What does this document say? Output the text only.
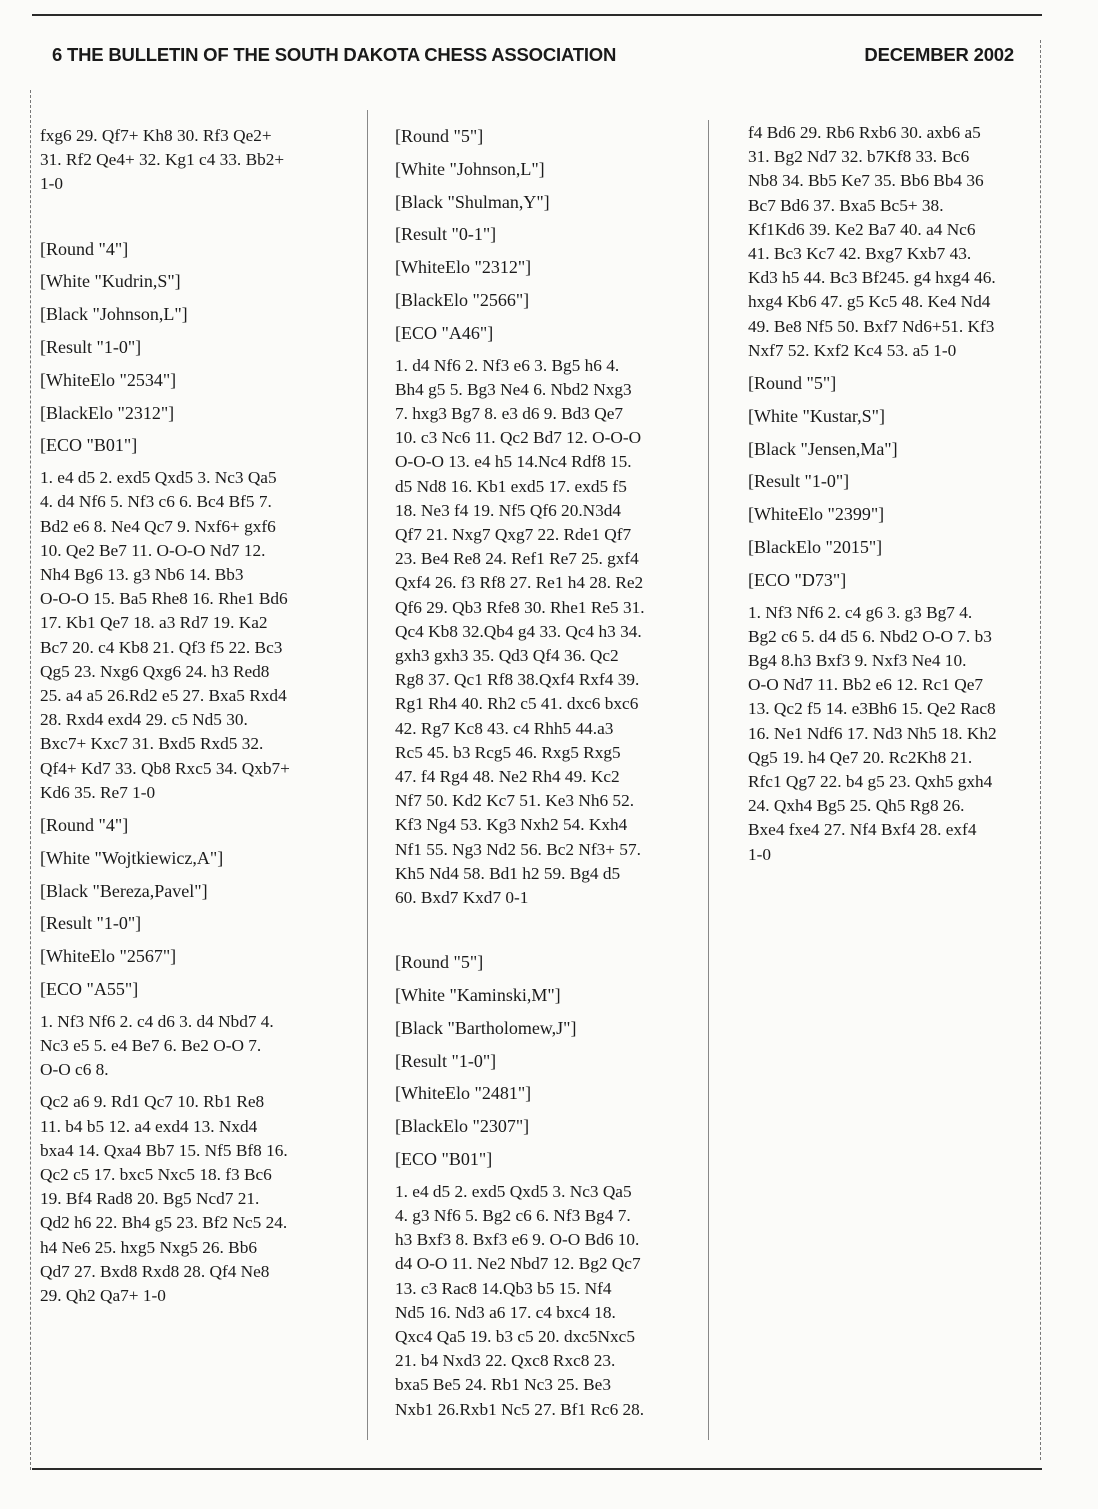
6 THE BULLETIN OF THE SOUTH DAKOTA CHESS ASSOCIATION	DECEMBER 2002
fxg6 29. Qf7+ Kh8 30. Rf3 Qe2+
31. Rf2 Qe4+ 32. Kg1 c4 33. Bb2+
1-0
[Round "4"]
[White "Kudrin,S"]
[Black "Johnson,L"]
[Result "1-0"]
[WhiteElo "2534"]
[BlackElo "2312"]
[ECO "B01"]
1. e4 d5 2. exd5 Qxd5 3. Nc3 Qa5
4. d4 Nf6 5. Nf3 c6 6. Bc4 Bf5 7.
Bd2 e6 8. Ne4 Qc7 9. Nxf6+ gxf6
10. Qe2 Be7 11. O-O-O Nd7 12.
Nh4 Bg6 13. g3 Nb6 14. Bb3
O-O-O 15. Ba5 Rhe8 16. Rhe1 Bd6
17. Kb1 Qe7 18. a3 Rd7 19. Ka2
Bc7 20. c4 Kb8 21. Qf3 f5 22. Bc3
Qg5 23. Nxg6 Qxg6 24. h3 Red8
25. a4 a5 26.Rd2 e5 27. Bxa5 Rxd4
28. Rxd4 exd4 29. c5 Nd5 30.
Bxc7+ Kxc7 31. Bxd5 Rxd5 32.
Qf4+ Kd7 33. Qb8 Rxc5 34. Qxb7+
Kd6 35. Re7 1-0
[Round "4"]
[White "Wojtkiewicz,A"]
[Black "Bereza,Pavel"]
[Result "1-0"]
[WhiteElo "2567"]
[ECO "A55"]
1. Nf3 Nf6 2. c4 d6 3. d4 Nbd7 4.
Nc3 e5 5. e4 Be7 6. Be2 O-O 7.
O-O c6 8.
Qc2 a6 9. Rd1 Qc7 10. Rb1 Re8
11. b4 b5 12. a4 exd4 13. Nxd4
bxa4 14. Qxa4 Bb7 15. Nf5 Bf8 16.
Qc2 c5 17. bxc5 Nxc5 18. f3 Bc6
19. Bf4 Rad8 20. Bg5 Ncd7 21.
Qd2 h6 22. Bh4 g5 23. Bf2 Nc5 24.
h4 Ne6 25. hxg5 Nxg5 26. Bb6
Qd7 27. Bxd8 Rxd8 28. Qf4 Ne8
29. Qh2 Qa7+ 1-0
[Round "5"]
[White "Johnson,L"]
[Black "Shulman,Y"]
[Result "0-1"]
[WhiteElo "2312"]
[BlackElo "2566"]
[ECO "A46"]
1. d4 Nf6 2. Nf3 e6 3. Bg5 h6 4.
Bh4 g5 5. Bg3 Ne4 6. Nbd2 Nxg3
7. hxg3 Bg7 8. e3 d6 9. Bd3 Qe7
10. c3 Nc6 11. Qc2 Bd7 12. O-O-O
O-O-O 13. e4 h5 14.Nc4 Rdf8 15.
d5 Nd8 16. Kb1 exd5 17. exd5 f5
18. Ne3 f4 19. Nf5 Qf6 20.N3d4
Qf7 21. Nxg7 Qxg7 22. Rde1 Qf7
23. Be4 Re8 24. Ref1 Re7 25. gxf4
Qxf4 26. f3 Rf8 27. Re1 h4 28. Re2
Qf6 29. Qb3 Rfe8 30. Rhe1 Re5 31.
Qc4 Kb8 32.Qb4 g4 33. Qc4 h3 34.
gxh3 gxh3 35. Qd3 Qf4 36. Qc2
Rg8 37. Qc1 Rf8 38.Qxf4 Rxf4 39.
Rg1 Rh4 40. Rh2 c5 41. dxc6 bxc6
42. Rg7 Kc8 43. c4 Rhh5 44.a3
Rc5 45. b3 Rcg5 46. Rxg5 Rxg5
47. f4 Rg4 48. Ne2 Rh4 49. Kc2
Nf7 50. Kd2 Kc7 51. Ke3 Nh6 52.
Kf3 Ng4 53. Kg3 Nxh2 54. Kxh4
Nf1 55. Ng3 Nd2 56. Bc2 Nf3+ 57.
Kh5 Nd4 58. Bd1 h2 59. Bg4 d5
60. Bxd7 Kxd7 0-1
[Round "5"]
[White "Kaminski,M"]
[Black "Bartholomew,J"]
[Result "1-0"]
[WhiteElo "2481"]
[BlackElo "2307"]
[ECO "B01"]
1. e4 d5 2. exd5 Qxd5 3. Nc3 Qa5
4. g3 Nf6 5. Bg2 c6 6. Nf3 Bg4 7.
h3 Bxf3 8. Bxf3 e6 9. O-O Bd6 10.
d4 O-O 11. Ne2 Nbd7 12. Bg2 Qc7
13. c3 Rac8 14.Qb3 b5 15. Nf4
Nd5 16. Nd3 a6 17. c4 bxc4 18.
Qxc4 Qa5 19. b3 c5 20. dxc5Nxc5
21. b4 Nxd3 22. Qxc8 Rxc8 23.
bxa5 Be5 24. Rb1 Nc3 25. Be3
Nxb1 26.Rxb1 Nc5 27. Bf1 Rc6 28.
f4 Bd6 29. Rb6 Rxb6 30. axb6 a5
31. Bg2 Nd7 32. b7Kf8 33. Bc6
Nb8 34. Bb5 Ke7 35. Bb6 Bb4 36
Bc7 Bd6 37. Bxa5 Bc5+ 38.
Kf1Kd6 39. Ke2 Ba7 40. a4 Nc6
41. Bc3 Kc7 42. Bxg7 Kxb7 43.
Kd3 h5 44. Bc3 Bf245. g4 hxg4 46.
hxg4 Kb6 47. g5 Kc5 48. Ke4 Nd4
49. Be8 Nf5 50. Bxf7 Nd6+51. Kf3
Nxf7 52. Kxf2 Kc4 53. a5 1-0
[Round "5"]
[White "Kustar,S"]
[Black "Jensen,Ma"]
[Result "1-0"]
[WhiteElo "2399"]
[BlackElo "2015"]
[ECO "D73"]
1. Nf3 Nf6 2. c4 g6 3. g3 Bg7 4.
Bg2 c6 5. d4 d5 6. Nbd2 O-O 7. b3
Bg4 8.h3 Bxf3 9. Nxf3 Ne4 10.
O-O Nd7 11. Bb2 e6 12. Rc1 Qe7
13. Qc2 f5 14. e3Bh6 15. Qe2 Rac8
16. Ne1 Ndf6 17. Nd3 Nh5 18. Kh2
Qg5 19. h4 Qe7 20. Rc2Kh8 21.
Rfc1 Qg7 22. b4 g5 23. Qxh5 gxh4
24. Qxh4 Bg5 25. Qh5 Rg8 26.
Bxe4 fxe4 27. Nf4 Bxf4 28. exf4
1-0
